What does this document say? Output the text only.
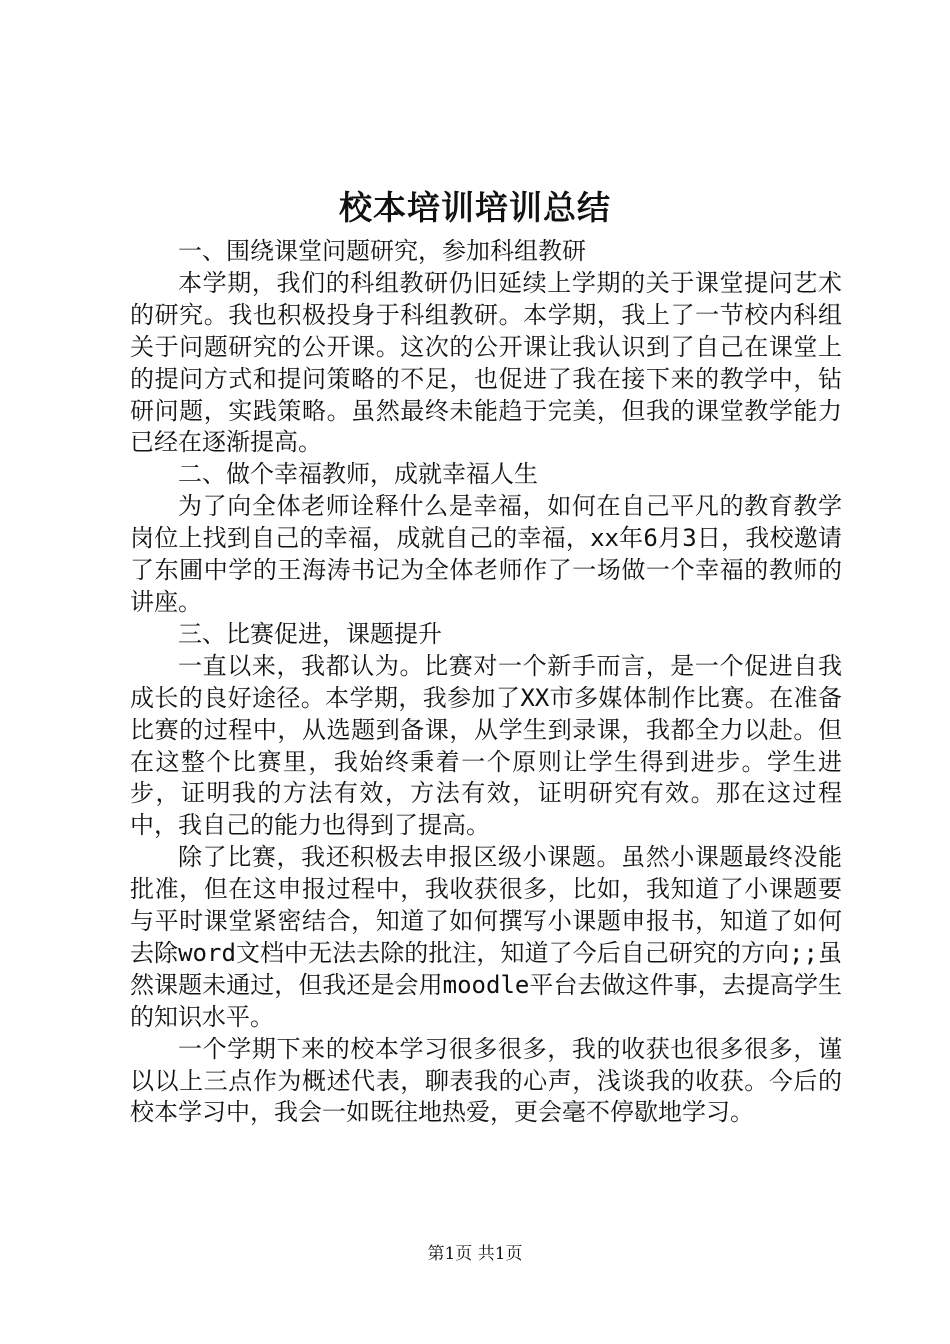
校本培训培训总结

一、围绕课堂问题研究，参加科组教研

本学期，我们的科组教研仍旧延续上学期的关于课堂提问艺术的研究。我也积极投身于科组教研。本学期，我上了一节校内科组关于问题研究的公开课。这次的公开课让我认识到了自己在课堂上的提问方式和提问策略的不足，也促进了我在接下来的教学中，钻研问题，实践策略。虽然最终未能趋于完美，但我的课堂教学能力已经在逐渐提高。

二、做个幸福教师，成就幸福人生

为了向全体老师诠释什么是幸福，如何在自己平凡的教育教学岗位上找到自己的幸福，成就自己的幸福，xx年6月3日，我校邀请了东圃中学的王海涛书记为全体老师作了一场做一个幸福的教师的讲座。

三、比赛促进，课题提升

一直以来，我都认为。比赛对一个新手而言，是一个促进自我成长的良好途径。本学期，我参加了XX市多媒体制作比赛。在准备比赛的过程中，从选题到备课，从学生到录课，我都全力以赴。但在这整个比赛里，我始终秉着一个原则让学生得到进步。学生进步，证明我的方法有效，方法有效，证明研究有效。那在这过程中，我自己的能力也得到了提高。

除了比赛，我还积极去申报区级小课题。虽然小课题最终没能批准，但在这申报过程中，我收获很多，比如，我知道了小课题要与平时课堂紧密结合，知道了如何撰写小课题申报书，知道了如何去除word文档中无法去除的批注，知道了今后自己研究的方向;;虽然课题未通过，但我还是会用moodle平台去做这件事，去提高学生的知识水平。

一个学期下来的校本学习很多很多，我的收获也很多很多，谨以以上三点作为概述代表，聊表我的心声，浅谈我的收获。今后的校本学习中，我会一如既往地热爱，更会毫不停歇地学习。

第1页 共1页
